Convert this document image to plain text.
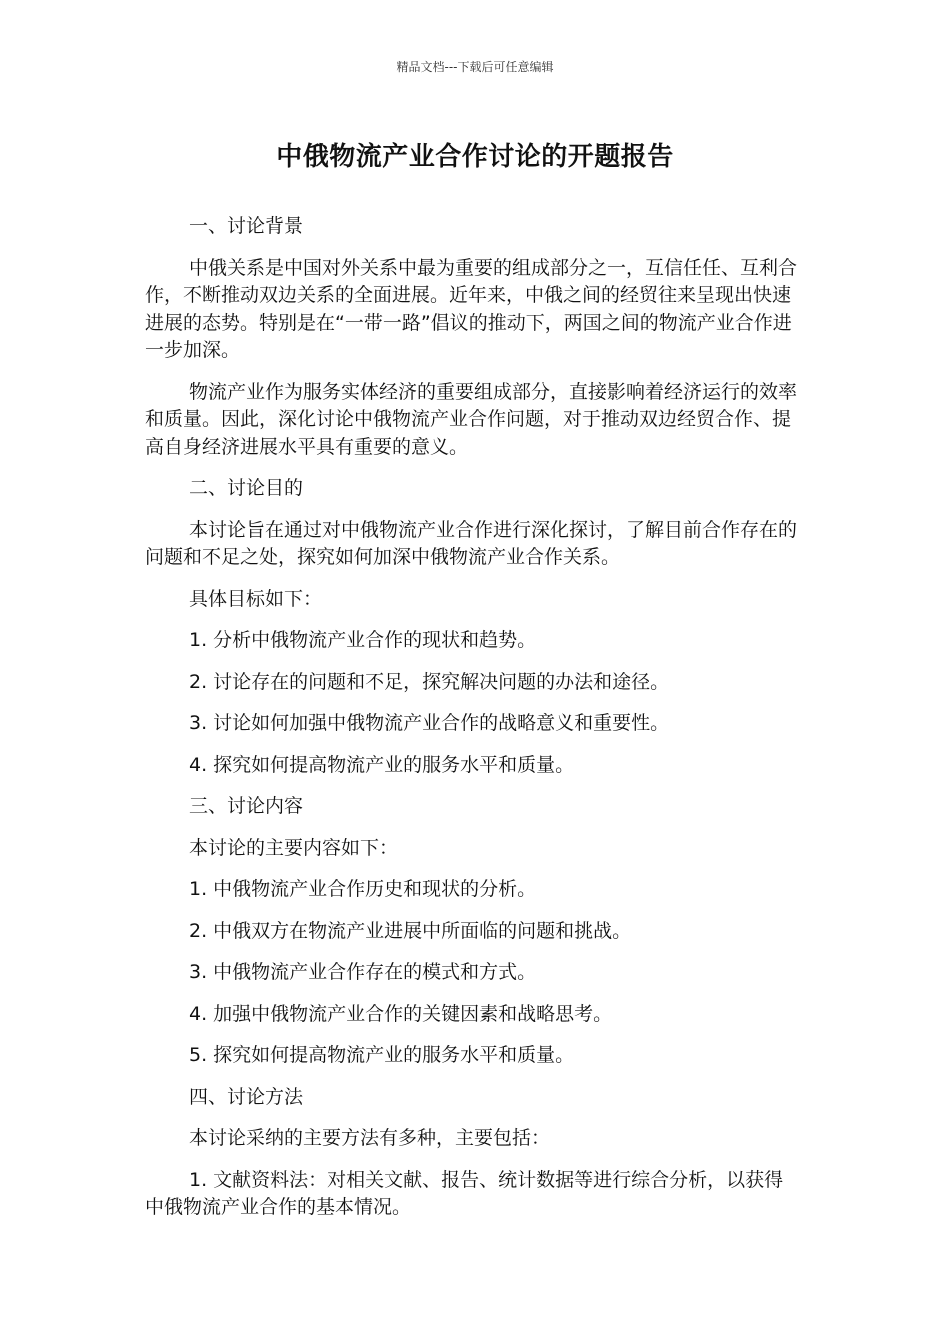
精品文档---下载后可任意编辑
中俄物流产业合作讨论的开题报告

一、讨论背景

中俄关系是中国对外关系中最为重要的组成部分之一，互信任任、互利合作，不断推动双边关系的全面进展。近年来，中俄之间的经贸往来呈现出快速进展的态势。特别是在“一带一路”倡议的推动下，两国之间的物流产业合作进一步加深。

物流产业作为服务实体经济的重要组成部分，直接影响着经济运行的效率和质量。因此，深化讨论中俄物流产业合作问题，对于推动双边经贸合作、提高自身经济进展水平具有重要的意义。

二、讨论目的

本讨论旨在通过对中俄物流产业合作进行深化探讨，了解目前合作存在的问题和不足之处，探究如何加深中俄物流产业合作关系。

具体目标如下：

1. 分析中俄物流产业合作的现状和趋势。

2. 讨论存在的问题和不足，探究解决问题的办法和途径。

3. 讨论如何加强中俄物流产业合作的战略意义和重要性。

4. 探究如何提高物流产业的服务水平和质量。

三、讨论内容

本讨论的主要内容如下：

1. 中俄物流产业合作历史和现状的分析。

2. 中俄双方在物流产业进展中所面临的问题和挑战。

3. 中俄物流产业合作存在的模式和方式。

4. 加强中俄物流产业合作的关键因素和战略思考。

5. 探究如何提高物流产业的服务水平和质量。

四、讨论方法

本讨论采纳的主要方法有多种，主要包括：

1. 文献资料法：对相关文献、报告、统计数据等进行综合分析，以获得中俄物流产业合作的基本情况。
